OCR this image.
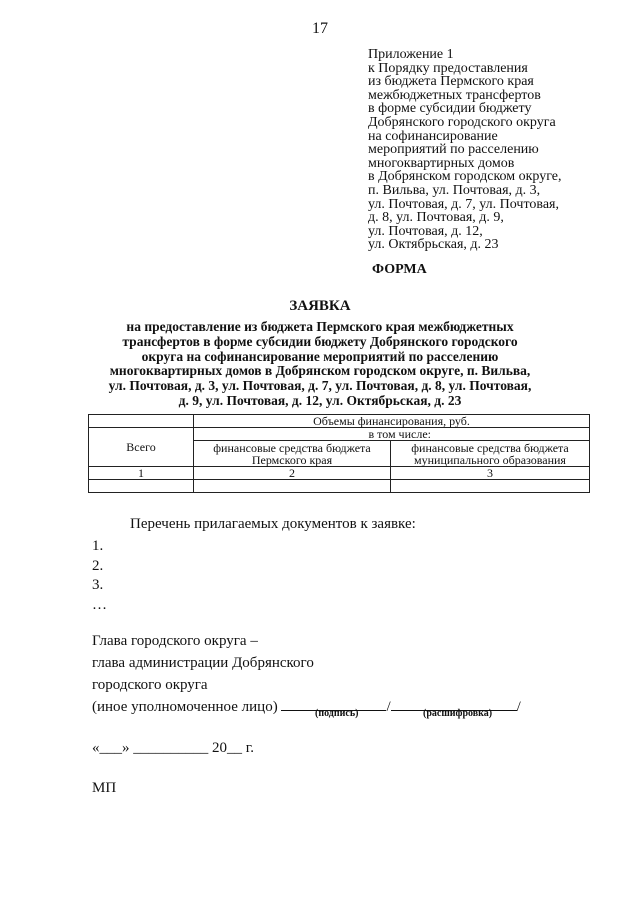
17
Приложение 1
к Порядку предоставления
из бюджета Пермского края
межбюджетных трансфертов
в форме субсидии бюджету
Добрянского городского округа
на софинансирование
мероприятий по расселению
многоквартирных домов
в Добрянском городском округе,
п. Вильва, ул. Почтовая, д. 3,
ул. Почтовая, д. 7, ул. Почтовая,
д. 8, ул. Почтовая, д. 9,
ул. Почтовая, д. 12,
ул. Октябрьская, д. 23
ФОРМА
ЗАЯВКА
на предоставление из бюджета Пермского края межбюджетных
трансфертов в форме субсидии бюджету Добрянского городского
округа на софинансирование мероприятий по расселению
многоквартирных домов в Добрянском городском округе, п. Вильва,
ул. Почтовая, д. 3, ул. Почтовая, д. 7, ул. Почтовая, д. 8, ул. Почтовая,
д. 9, ул. Почтовая, д. 12, ул. Октябрьская, д. 23
	Объемы финансирования, руб.	
Всего	в том числе:	
	финансовые средства бюджета Пермского края	финансовые средства бюджета муниципального образования
1	2	3

Перечень прилагаемых документов к заявке:
1.
2.
3.
…
Глава городского округа –
глава администрации Добрянского
городского округа
(иное уполномоченное лицо)	/	/
(подпись)	(расшифровка)
«___» __________ 20__ г.
МП
